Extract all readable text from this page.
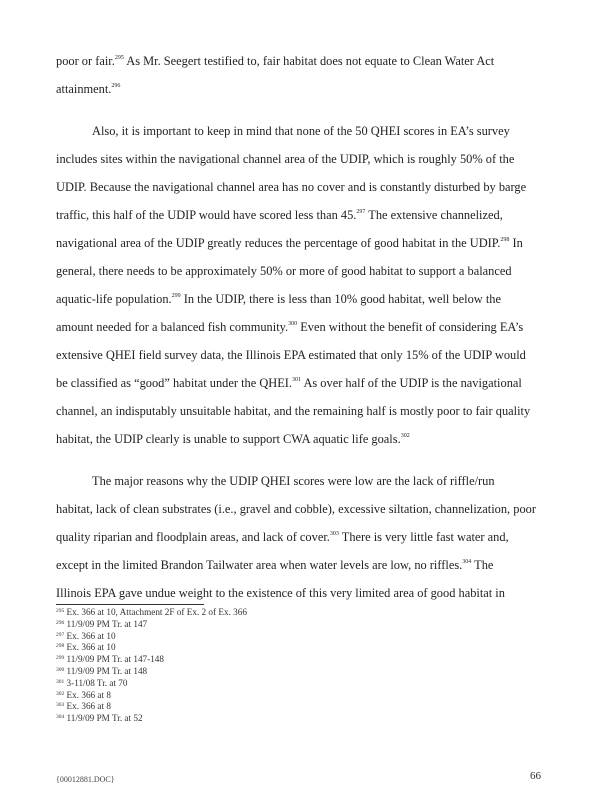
poor or fair.$^{295}$ As Mr. Seegert testified to, fair habitat does not equate to Clean Water Act
attainment.$^{296}$
Also, it is important to keep in mind that none of the 50 QHEI scores in EA’s survey
includes sites within the navigational channel area of the UDIP, which is roughly 50% of the
UDIP. Because the navigational channel area has no cover and is constantly disturbed by barge
traffic, this half of the UDIP would have scored less than 45.$^{297}$ The extensive channelized,
navigational area of the UDIP greatly reduces the percentage of good habitat in the UDIP.$^{298}$ In
general, there needs to be approximately 50% or more of good habitat to support a balanced
aquatic-life population.$^{299}$ In the UDIP, there is less than 10% good habitat, well below the
amount needed for a balanced fish community.$^{300}$ Even without the benefit of considering EA’s
extensive QHEI field survey data, the Illinois EPA estimated that only 15% of the UDIP would
be classified as “good” habitat under the QHEI.$^{301}$ As over half of the UDIP is the navigational
channel, an indisputably unsuitable habitat, and the remaining half is mostly poor to fair quality
habitat, the UDIP clearly is unable to support CWA aquatic life goals.$^{302}$
The major reasons why the UDIP QHEI scores were low are the lack of riffle/run
habitat, lack of clean substrates (i.e., gravel and cobble), excessive siltation, channelization, poor
quality riparian and floodplain areas, and lack of cover.$^{303}$ There is very little fast water and,
except in the limited Brandon Tailwater area when water levels are low, no riffles.$^{304}$ The
Illinois EPA gave undue weight to the existence of this very limited area of good habitat in
$^{295}$ Ex. 366 at 10, Attachment 2F of Ex. 2 of Ex. 366
$^{296}$ 11/9/09 PM Tr. at 147
$^{297}$ Ex. 366 at 10
$^{298}$ Ex. 366 at 10
$^{299}$ 11/9/09 PM Tr. at 147-148
$^{300}$ 11/9/09 PM Tr. at 148
$^{301}$ 3-11/08 Tr. at 70
$^{302}$ Ex. 366 at 8
$^{303}$ Ex. 366 at 8
$^{304}$ 11/9/09 PM Tr. at 52
{00012881.DOC}	66
